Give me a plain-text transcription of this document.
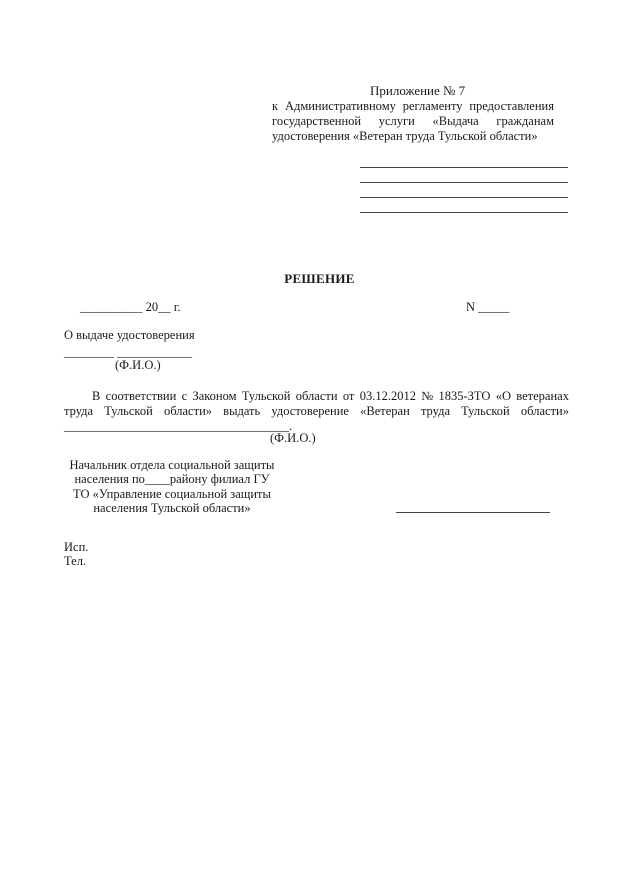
Приложение № 7
к Административному регламенту предоставления
государственной услуги «Выдача гражданам
удостоверения «Ветеран труда Тульской области»
РЕШЕНИЕ
__________ 20__ г.	N _____
О выдаче удостоверения
________ ____________
(Ф.И.О.)
В соответствии с Законом Тульской области от 03.12.2012 № 1835-ЗТО «О ветеранах
труда Тульской области» выдать удостоверение «Ветеран труда Тульской области»
____________________________________.
(Ф.И.О.)
Начальник отдела социальной защиты
населения по____району филиал ГУ
ТО «Управление социальной защиты
населения Тульской области»
Исп.
Тел.
